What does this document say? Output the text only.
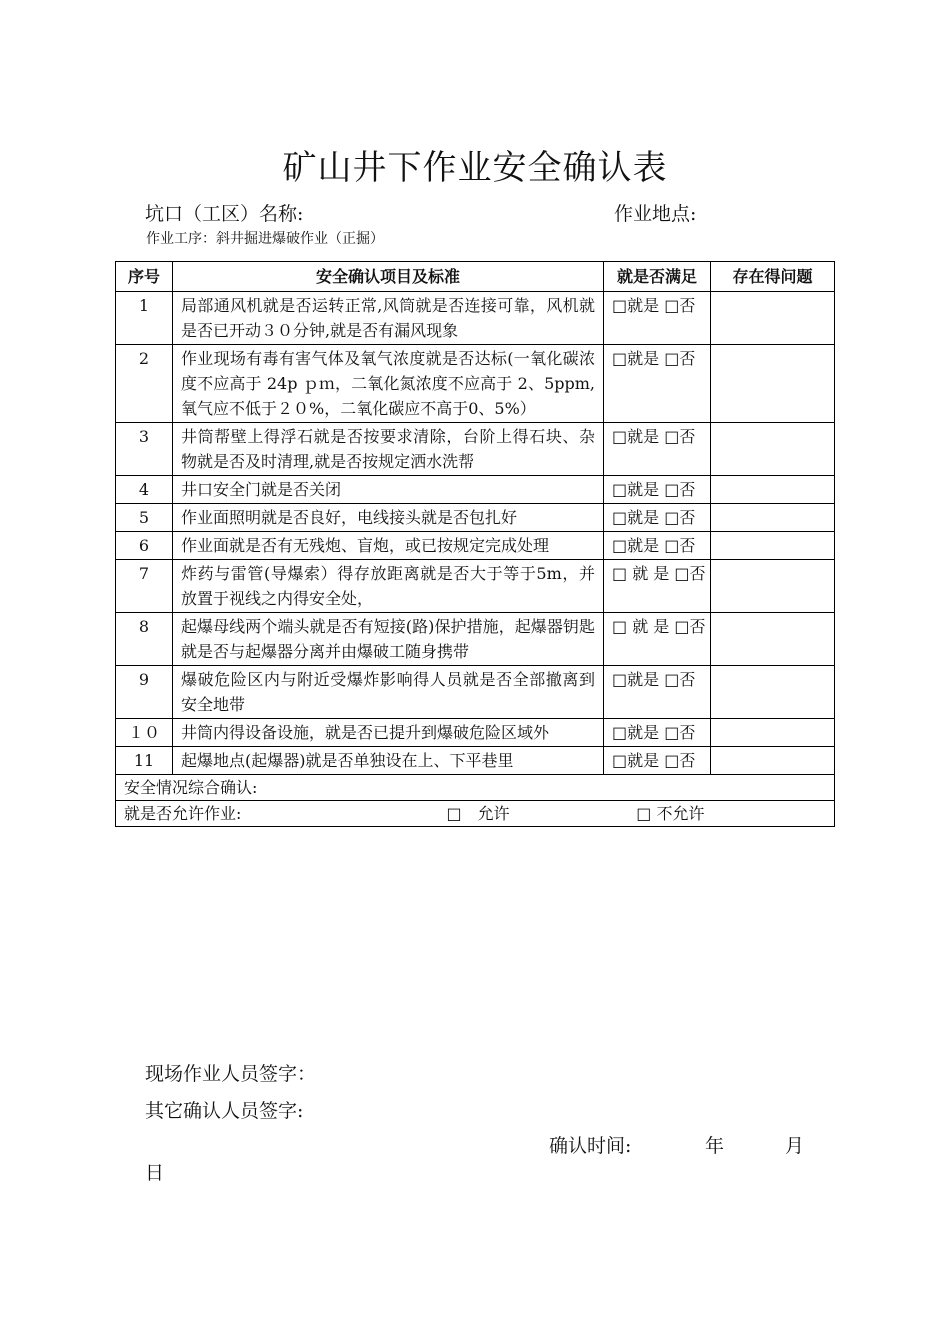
矿山井下作业安全确认表
坑口（工区）名称:	作业地点:
作业工序：斜井掘进爆破作业（正掘）
序号	安全确认项目及标准	就是否满足	存在得问题
1	局部通风机就是否运转正常,风筒就是否连接可靠，风机就是否已开动３０分钟,就是否有漏风现象	□就是 □否	
2	作业现场有毒有害气体及氧气浓度就是否达标(一氧化碳浓度不应高于 24p ｐｍ，二氧化氮浓度不应高于 2、5ppm,氧气应不低于２０%，二氧化碳应不高于0、5%）	□就是 □否	
3	井筒帮壁上得浮石就是否按要求清除，台阶上得石块、杂物就是否及时清理,就是否按规定洒水洗帮	□就是 □否	
4	井口安全门就是否关闭	□就是 □否	
5	作业面照明就是否良好，电线接头就是否包扎好	□就是 □否	
6	作业面就是否有无残炮、盲炮，或已按规定完成处理	□就是 □否	
7	炸药与雷管(导爆索）得存放距离就是否大于等于5m，并放置于视线之内得安全处，	□ 就 是 □否	
8	起爆母线两个端头就是否有短接(路)保护措施，起爆器钥匙就是否与起爆器分离并由爆破工随身携带	□ 就 是 □否	
9	爆破危险区内与附近受爆炸影响得人员就是否全部撤离到安全地带	□就是 □否	
１０	井筒内得设备设施，就是否已提升到爆破危险区域外	□就是 □否	
11	起爆地点(起爆器)就是否单独设在上、下平巷里	□就是 □否	
安全情况综合确认:			

就是否允许作业: □　允许 □ 不允许			
现场作业人员签字：
其它确认人员签字:
确认时间:	年	月
日
